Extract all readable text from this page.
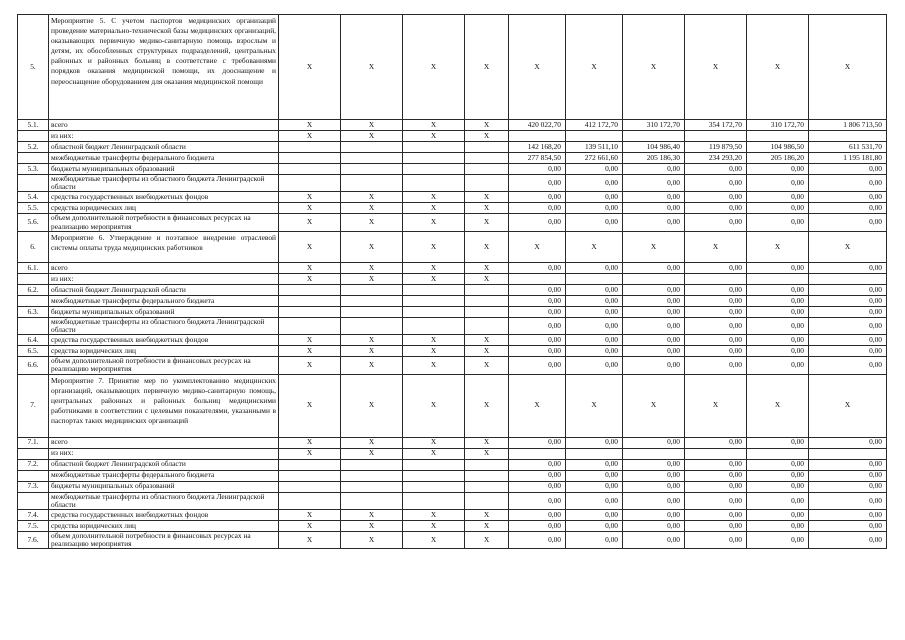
5.	Мероприятие 5. С учетом паспортов медицинских организаций проведение материально-технической базы медицинских организаций, оказывающих первичную медико-санитарную помощь взрослым и детям, их обособленных структурных подразделений, центральных районных и районных больниц в соответствие с требованиями порядков оказания медицинской помощи, их дооснащение и переоснащение оборудованием для оказания медицинской помощи	X	X	X	X	X	X	X	X	X	X
5.1.	всего	X	X	X	X	420 022,70	412 172,70	310 172,70	354 172,70	310 172,70	1 806 713,50
	из них:	X	X	X	X						
5.2.	областной бюджет Ленинградской области					142 168,20	139 511,10	104 986,40	119 879,50	104 986,50	611 531,70
	межбюджетные трансферты федерального бюджета					277 854,50	272 661,60	205 186,30	234 293,20	205 186,20	1 195 181,80
5.3.	бюджеты муниципальных образований					0,00	0,00	0,00	0,00	0,00	0,00
	межбюджетные трансферты из областного бюджета Ленинградской области					0,00	0,00	0,00	0,00	0,00	0,00
5.4.	средства государственных внебюджетных фондов	X	X	X	X	0,00	0,00	0,00	0,00	0,00	0,00
5.5.	средства юридических лиц	X	X	X	X	0,00	0,00	0,00	0,00	0,00	0,00
5.6.	объем дополнительной потребности в финансовых ресурсах на реализацию мероприятия	X	X	X	X	0,00	0,00	0,00	0,00	0,00	0,00
6.	Мероприятие 6. Утверждение и поэтапное внедрение отраслевой системы оплаты труда медицинских работников	X	X	X	X	X	X	X	X	X	X
6.1.	всего	X	X	X	X	0,00	0,00	0,00	0,00	0,00	0,00
	из них:	X	X	X	X						
6.2.	областной бюджет Ленинградской области					0,00	0,00	0,00	0,00	0,00	0,00
	межбюджетные трансферты федерального бюджета					0,00	0,00	0,00	0,00	0,00	0,00
6.3.	бюджеты муниципальных образований					0,00	0,00	0,00	0,00	0,00	0,00
	межбюджетные трансферты из областного бюджета Ленинградской области					0,00	0,00	0,00	0,00	0,00	0,00
6.4.	средства государственных внебюджетных фондов	X	X	X	X	0,00	0,00	0,00	0,00	0,00	0,00
6.5.	средства юридических лиц	X	X	X	X	0,00	0,00	0,00	0,00	0,00	0,00
6.6.	объем дополнительной потребности в финансовых ресурсах на реализацию мероприятия	X	X	X	X	0,00	0,00	0,00	0,00	0,00	0,00
7.	Мероприятие 7. Принятие мер по укомплектованию медицинских организаций, оказывающих первичную медико-санитарную помощь, центральных районных и районных больниц медицинскими работниками в соответствии с целевыми показателями, указанными в паспортах таких медицинских организаций	X	X	X	X	X	X	X	X	X	X
7.1.	всего	X	X	X	X	0,00	0,00	0,00	0,00	0,00	0,00
	из них:	X	X	X	X						
7.2.	областной бюджет Ленинградской области					0,00	0,00	0,00	0,00	0,00	0,00
	межбюджетные трансферты федерального бюджета					0,00	0,00	0,00	0,00	0,00	0,00
7.3.	бюджеты муниципальных образований					0,00	0,00	0,00	0,00	0,00	0,00
	межбюджетные трансферты из областного бюджета Ленинградской области					0,00	0,00	0,00	0,00	0,00	0,00
7.4.	средства государственных внебюджетных фондов	X	X	X	X	0,00	0,00	0,00	0,00	0,00	0,00
7.5.	средства юридических лиц	X	X	X	X	0,00	0,00	0,00	0,00	0,00	0,00
7.6.	объем дополнительной потребности в финансовых ресурсах на реализацию мероприятия	X	X	X	X	0,00	0,00	0,00	0,00	0,00	0,00
